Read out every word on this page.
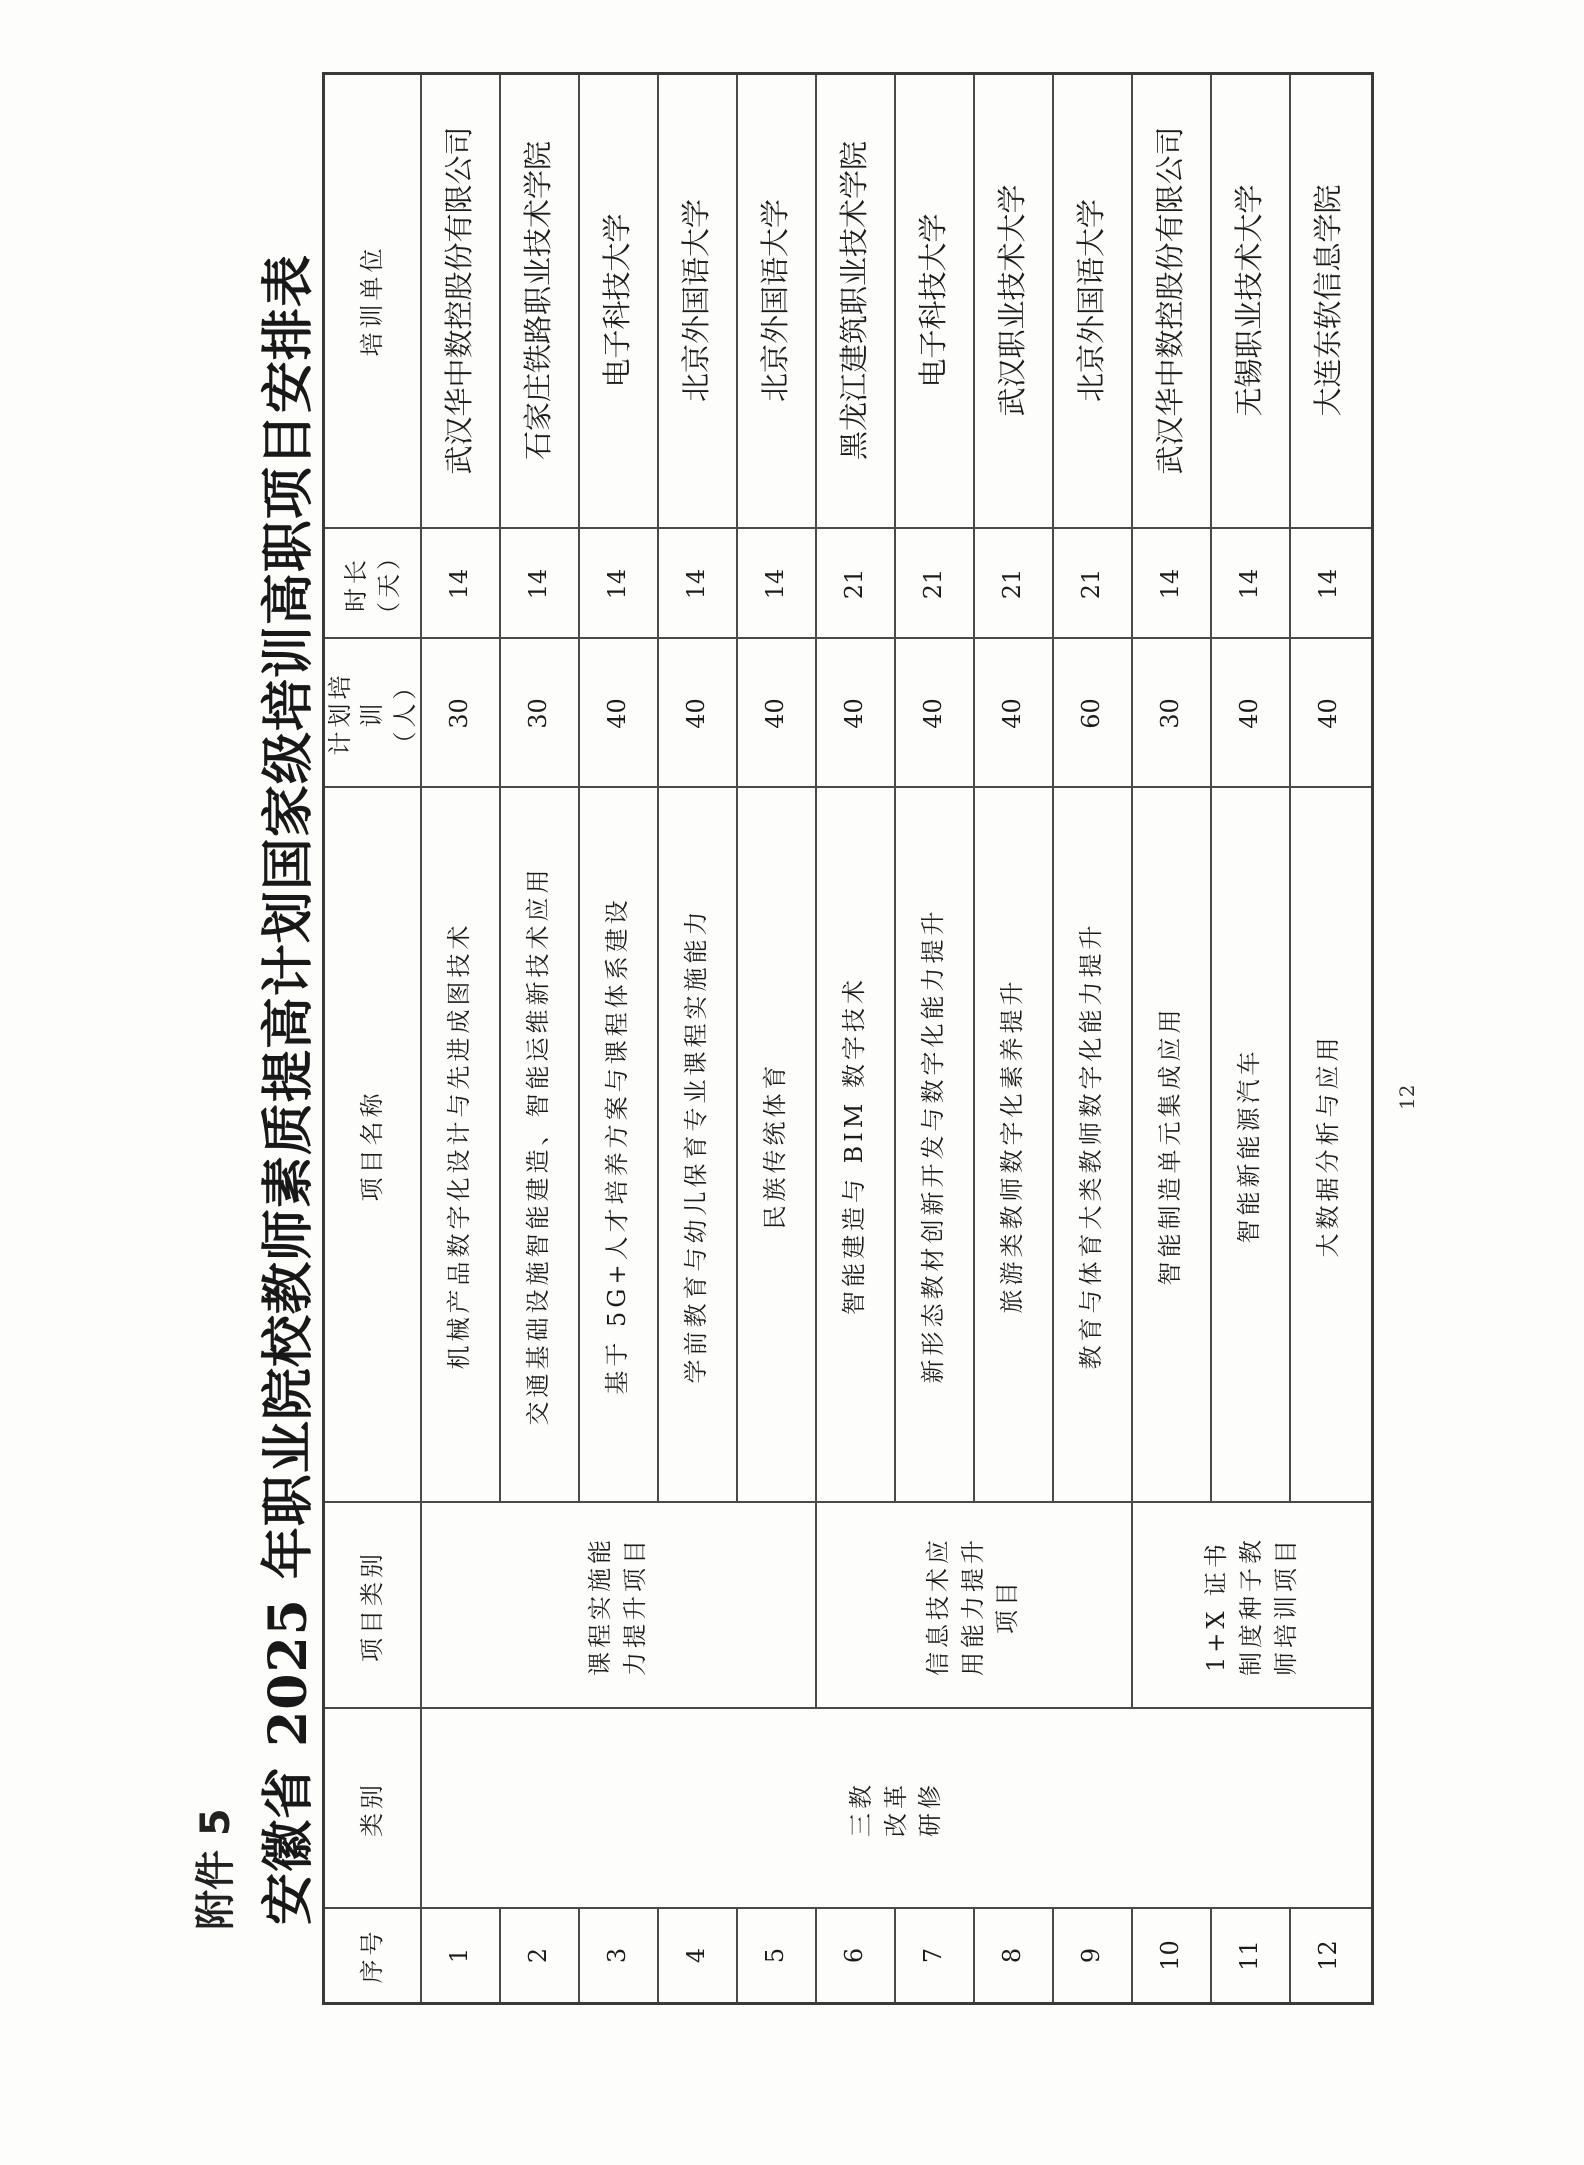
附件 5 安徽省 2025 年职业院校教师素质提高计划国家级培训高职项目安排表
序号
类别
项目类别
项目名称
计划培训（人）
时长（天）
培训单位
三教改革研修
课程实施能力提升项目	信息技术应用能力提升项目	1+X 证书制度种子教师培训项目
1
机械产品数字化设计与先进成图技术
30
14
武汉华中数控股份有限公司
2
交通基础设施智能建造、智能运维新技术应用
30
14
石家庄铁路职业技术学院
3
基于 5G+人才培养方案与课程体系建设
40
14
电子科技大学
4
学前教育与幼儿保育专业课程实施能力
40
14
北京外国语大学
5
民族传统体育
40
14
北京外国语大学
6
智能建造与 BIM 数字技术
40
21
黑龙江建筑职业技术学院
7
新形态教材创新开发与数字化能力提升
40
21
电子科技大学
8
旅游类教师数字化素养提升
40
21
武汉职业技术大学
9
教育与体育大类教师数字化能力提升
60
21
北京外国语大学
10
智能制造单元集成应用
30
14
武汉华中数控股份有限公司
11
智能新能源汽车
40
14
无锡职业技术大学
12
大数据分析与应用
40
14
大连东软信息学院
12
